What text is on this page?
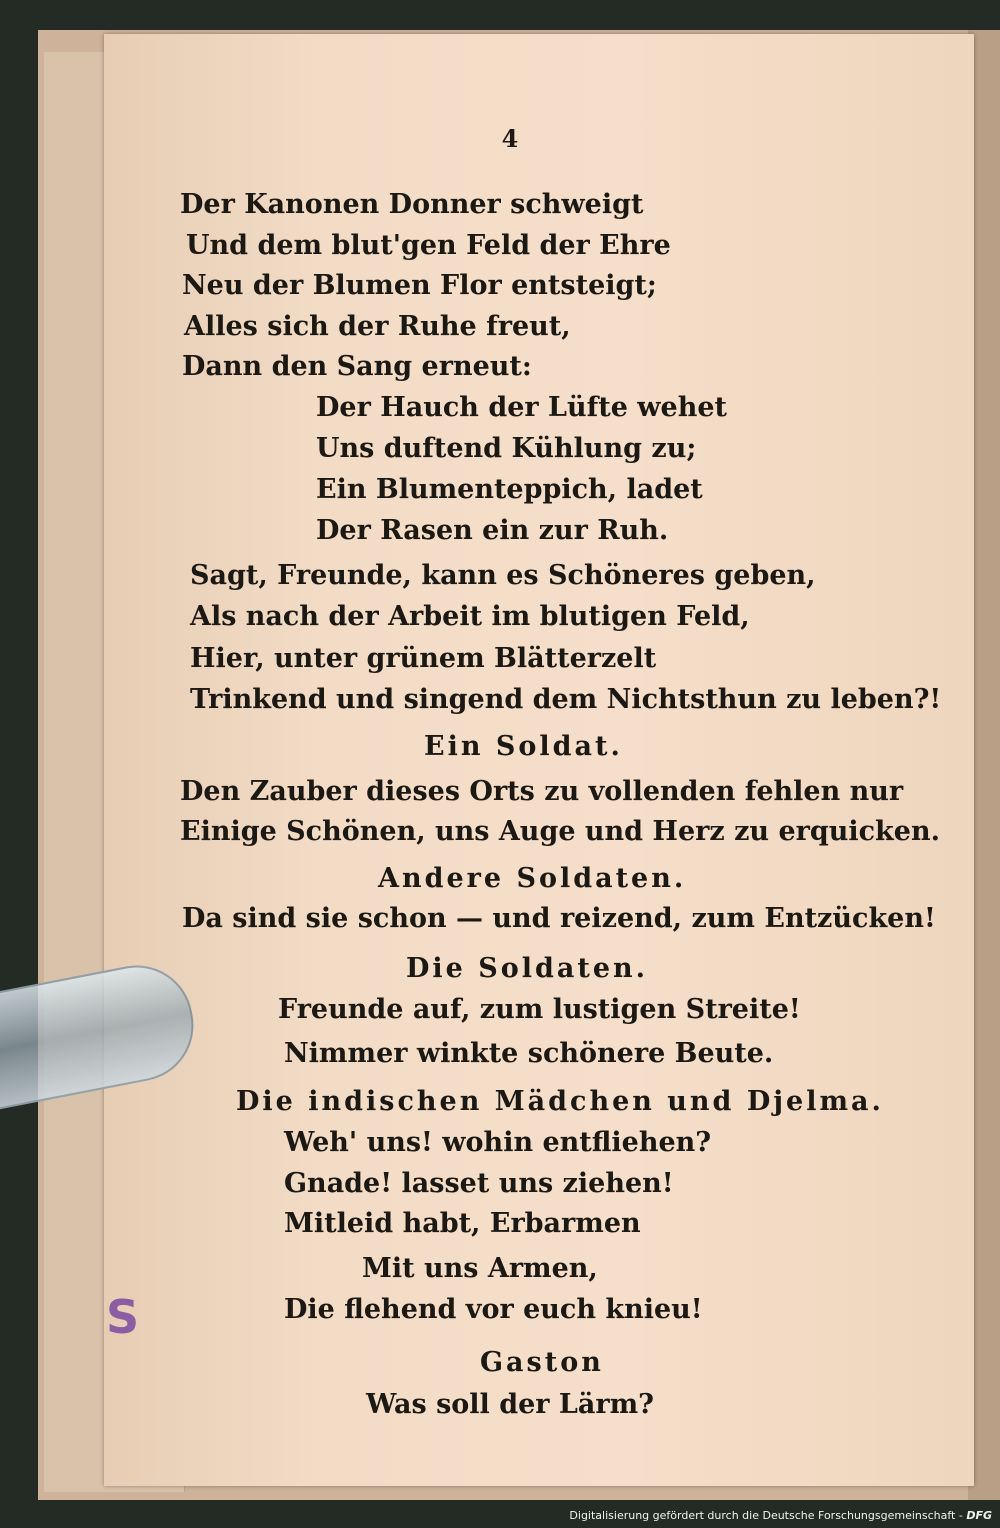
S
4
Der Kanonen Donner schweigt
Und dem blut'gen Feld der Ehre
Neu der Blumen Flor entsteigt;
Alles sich der Ruhe freut,
Dann den Sang erneut:
Der Hauch der Lüfte wehet
Uns duftend Kühlung zu;
Ein Blumenteppich, ladet
Der Rasen ein zur Ruh.
Sagt, Freunde, kann es Schöneres geben,
Als nach der Arbeit im blutigen Feld,
Hier, unter grünem Blätterzelt
Trinkend und singend dem Nichtsthun zu leben?!
Ein Soldat.
Den Zauber dieses Orts zu vollenden fehlen nur
Einige Schönen, uns Auge und Herz zu erquicken.
Andere Soldaten.
Da sind sie schon — und reizend, zum Entzücken!
Die Soldaten.
Freunde auf, zum lustigen Streite!
Nimmer winkte schönere Beute.
Die indischen Mädchen und Djelma.
Weh' uns! wohin entfliehen?
Gnade! lasset uns ziehen!
Mitleid habt, Erbarmen
Mit uns Armen,
Die flehend vor euch knieu!
Gaston
Was soll der Lärm?
Digitalisierung gefördert durch die Deutsche Forschungsgemeinschaft - DFG
